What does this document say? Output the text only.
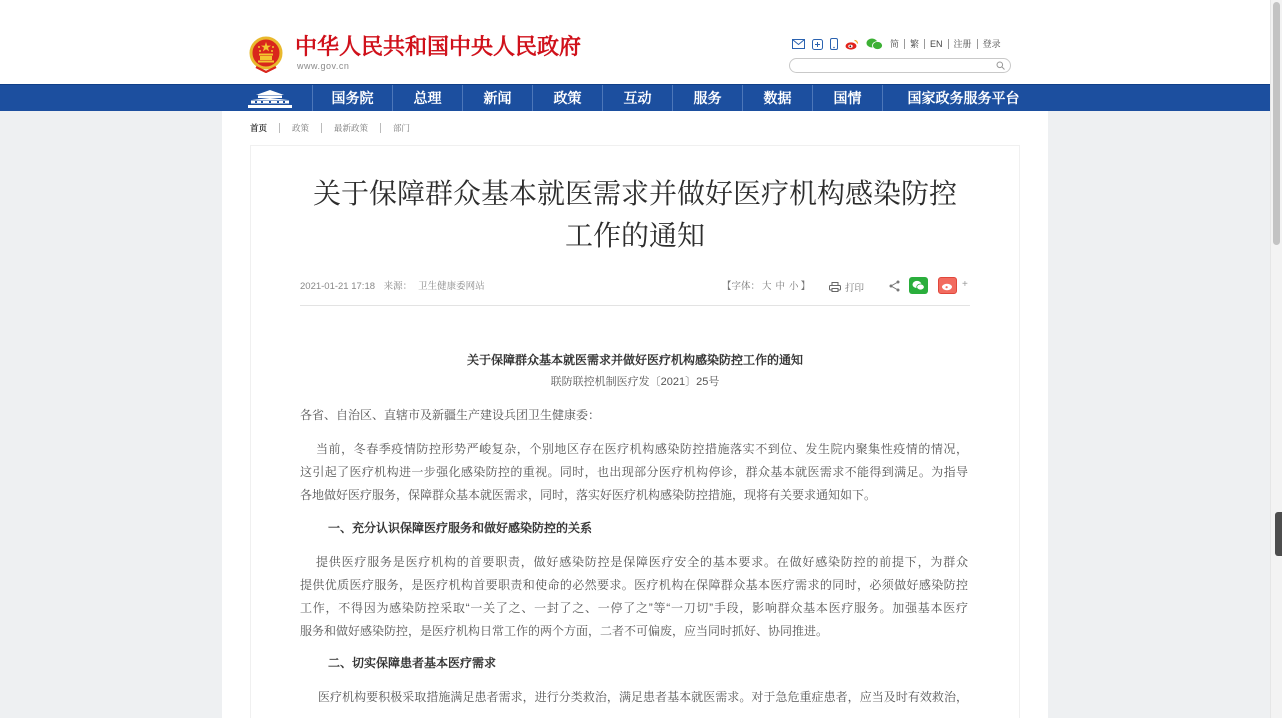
中华人民共和国中央人民政府
www.gov.cn
简	繁	EN	注册	登录
国务院	总理	新闻	政策	互动	服务	数据	国情	国家政务服务平台
首页	政策	最新政策	部门
关于保障群众基本就医需求并做好医疗机构感染防控
工作的通知
2021-01-21 17:18 来源： 卫生健康委网站	【字体： 大 中 小 】	打印	+
关于保障群众基本就医需求并做好医疗机构感染防控工作的通知
联防联控机制医疗发〔2021〕25号
各省、自治区、直辖市及新疆生产建设兵团卫生健康委：
当前，冬春季疫情防控形势严峻复杂，个别地区存在医疗机构感染防控措施落实不到位、发生院内聚集性疫情的情况，
这引起了医疗机构进一步强化感染防控的重视。同时，也出现部分医疗机构停诊，群众基本就医需求不能得到满足。为指导
各地做好医疗服务，保障群众基本就医需求，同时，落实好医疗机构感染防控措施，现将有关要求通知如下。
一、充分认识保障医疗服务和做好感染防控的关系
提供医疗服务是医疗机构的首要职责，做好感染防控是保障医疗安全的基本要求。在做好感染防控的前提下，为群众
提供优质医疗服务，是医疗机构首要职责和使命的必然要求。医疗机构在保障群众基本医疗需求的同时，必须做好感染防控
工作，不得因为感染防控采取“一关了之、一封了之、一停了之”等“一刀切”手段，影响群众基本医疗服务。加强基本医疗
服务和做好感染防控，是医疗机构日常工作的两个方面，二者不可偏废，应当同时抓好、协同推进。
二、切实保障患者基本医疗需求
医疗机构要积极采取措施满足患者需求，进行分类救治，满足患者基本就医需求。对于急危重症患者，应当及时有效救治，
